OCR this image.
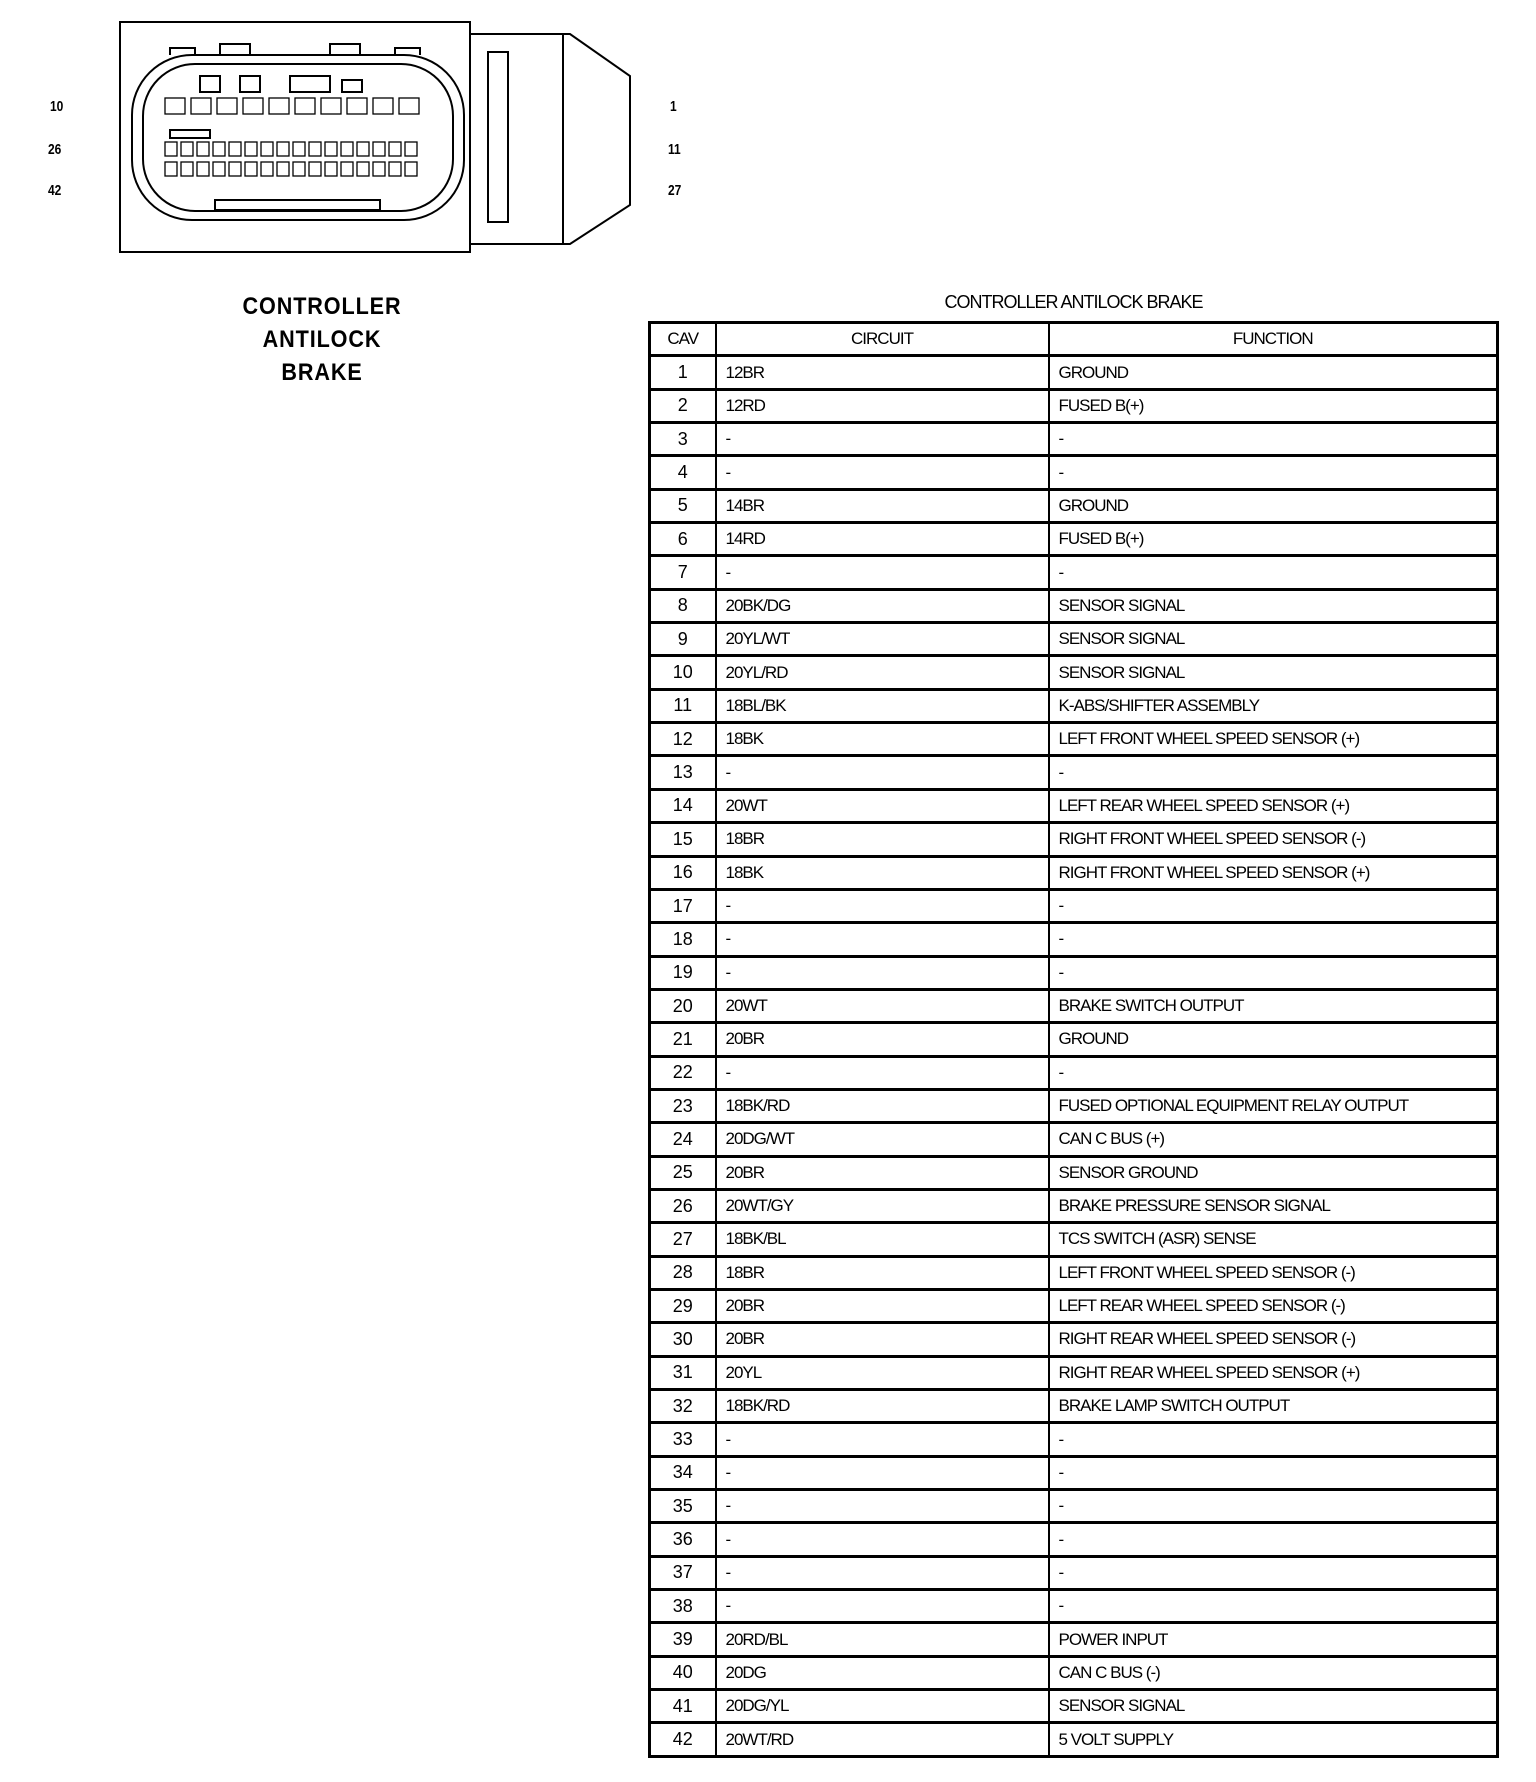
10
26
42
1
11
27
CONTROLLER
ANTILOCK
BRAKE
CONTROLLER ANTILOCK BRAKE
CAV	CIRCUIT	FUNCTION
1	12BR	GROUND
2	12RD	FUSED B(+)
3	-	-
4	-	-
5	14BR	GROUND
6	14RD	FUSED B(+)
7	-	-
8	20BK/DG	SENSOR SIGNAL
9	20YL/WT	SENSOR SIGNAL
10	20YL/RD	SENSOR SIGNAL
11	18BL/BK	K-ABS/SHIFTER ASSEMBLY
12	18BK	LEFT FRONT WHEEL SPEED SENSOR (+)
13	-	-
14	20WT	LEFT REAR WHEEL SPEED SENSOR (+)
15	18BR	RIGHT FRONT WHEEL SPEED SENSOR (-)
16	18BK	RIGHT FRONT WHEEL SPEED SENSOR (+)
17	-	-
18	-	-
19	-	-
20	20WT	BRAKE SWITCH OUTPUT
21	20BR	GROUND
22	-	-
23	18BK/RD	FUSED OPTIONAL EQUIPMENT RELAY OUTPUT
24	20DG/WT	CAN C BUS (+)
25	20BR	SENSOR GROUND
26	20WT/GY	BRAKE PRESSURE SENSOR SIGNAL
27	18BK/BL	TCS SWITCH (ASR) SENSE
28	18BR	LEFT FRONT WHEEL SPEED SENSOR (-)
29	20BR	LEFT REAR WHEEL SPEED SENSOR (-)
30	20BR	RIGHT REAR WHEEL SPEED SENSOR (-)
31	20YL	RIGHT REAR WHEEL SPEED SENSOR (+)
32	18BK/RD	BRAKE LAMP SWITCH OUTPUT
33	-	-
34	-	-
35	-	-
36	-	-
37	-	-
38	-	-
39	20RD/BL	POWER INPUT
40	20DG	CAN C BUS (-)
41	20DG/YL	SENSOR SIGNAL
42	20WT/RD	5 VOLT SUPPLY
